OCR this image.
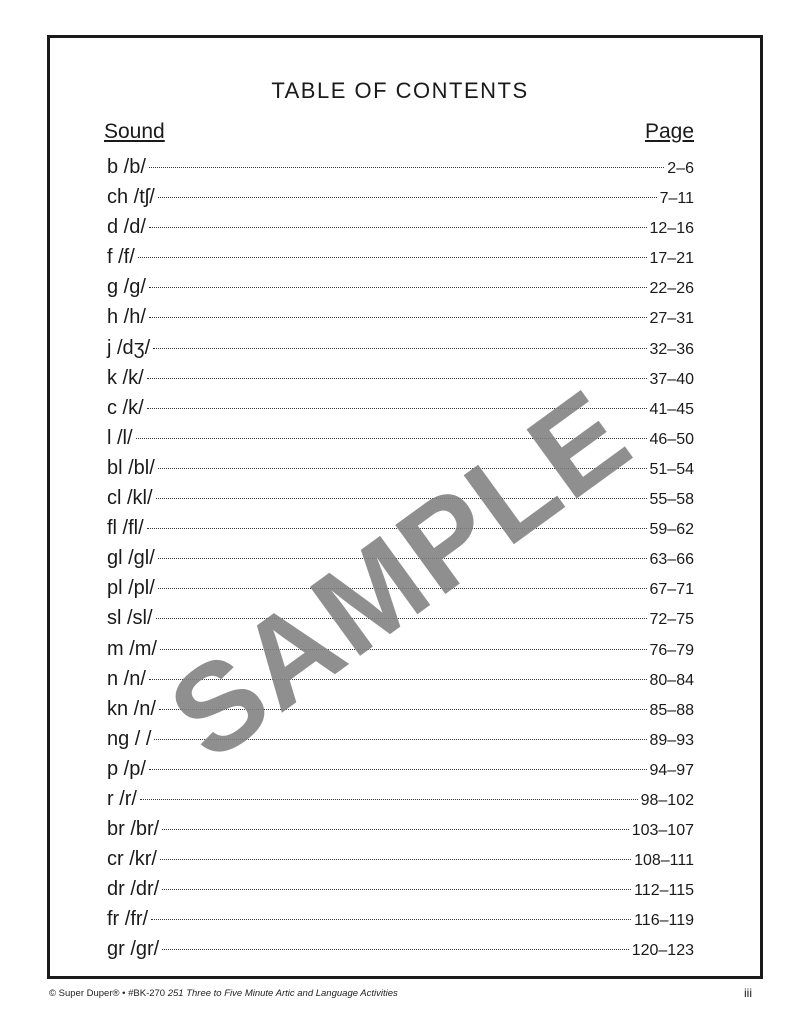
TABLE OF CONTENTS
Sound	Page
b /b/	2–6
ch /tʃ/	7–11
d /d/	12–16
f /f/	17–21
g /g/	22–26
h /h/	27–31
j /dʒ/	32–36
k /k/	37–40
c /k/	41–45
l /l/	46–50
bl /bl/	51–54
cl /kl/	55–58
fl /fl/	59–62
gl /gl/	63–66
pl /pl/	67–71
sl /sl/	72–75
m /m/	76–79
n /n/	80–84
kn /n/	85–88
ng / /	89–93
p /p/	94–97
r /r/	98–102
br /br/	103–107
cr /kr/	108–111
dr /dr/	112–115
fr /fr/	116–119
gr /gr/	120–123
SAMPLE
© Super Duper® • #BK-270 251 Three to Five Minute Artic and Language Activities	iii
